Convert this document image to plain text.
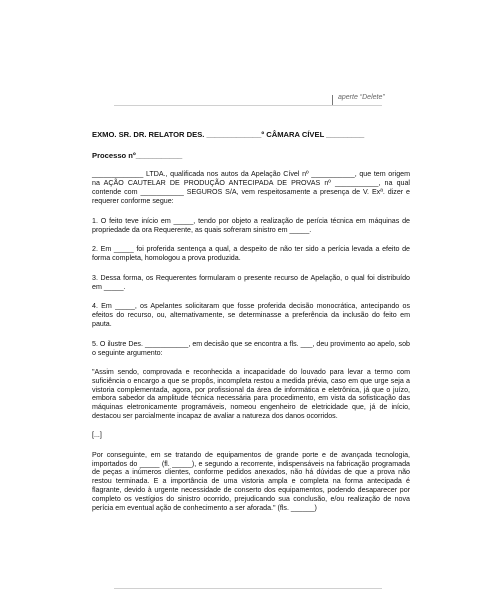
aperte “Delete”

EXMO. SR. DR. RELATOR DES. _____________º CÂMARA CÍVEL _________

Processo nº___________

_____________ LTDA., qualificada nos autos da Apelação Cível nº ___________, que tem origem na AÇÃO CAUTELAR DE PRODUÇÃO ANTECIPADA DE PROVAS nº ___________, na qual contende com ___________ SEGUROS S/A, vem respeitosamente a presença de V. Exª. dizer e requerer conforme segue:

1. O feito teve início em _____, tendo por objeto a realização de perícia técnica em máquinas de propriedade da ora Requerente, as quais sofreram sinistro em _____.

2. Em _____ foi proferida sentença a qual, a despeito de não ter sido a perícia levada a efeito de forma completa, homologou a prova produzida.

3. Dessa forma, os Requerentes formularam o presente recurso de Apelação, o qual foi distribuído em _____.

4. Em _____, os Apelantes solicitaram que fosse proferida decisão monocrática, antecipando os efeitos do recurso, ou, alternativamente, se determinasse a preferência da inclusão do feito em pauta.

5. O ilustre Des. ___________, em decisão que se encontra a fls. ___, deu provimento ao apelo, sob o seguinte argumento:

"Assim sendo, comprovada e reconhecida a incapacidade do louvado para levar a termo com suficiência o encargo a que se propôs, incompleta restou a medida prévia, caso em que urge seja a vistoria complementada, agora, por profissional da área de informática e eletrônica, já que o juízo, embora sabedor da amplitude técnica necessária para procedimento, em vista da sofisticação das máquinas eletronicamente programáveis, nomeou engenheiro de eletricidade que, já de início, destacou ser parcialmente incapaz de avaliar a natureza dos danos ocorridos.

[...]

Por conseguinte, em se tratando de equipamentos de grande porte e de avançada tecnologia, importados do _____ (fl. _____), e segundo a recorrente, indispensáveis na fabricação programada de peças a inúmeros clientes, conforme pedidos anexados, não há dúvidas de que a prova não restou terminada. E a importância de uma vistoria ampla e completa na forma antecipada é flagrante, devido à urgente necessidade de conserto dos equipamentos, podendo desaparecer por completo os vestígios do sinistro ocorrido, prejudicando sua conclusão, e/ou realização de nova perícia em eventual ação de conhecimento a ser aforada." (fls. ______)
